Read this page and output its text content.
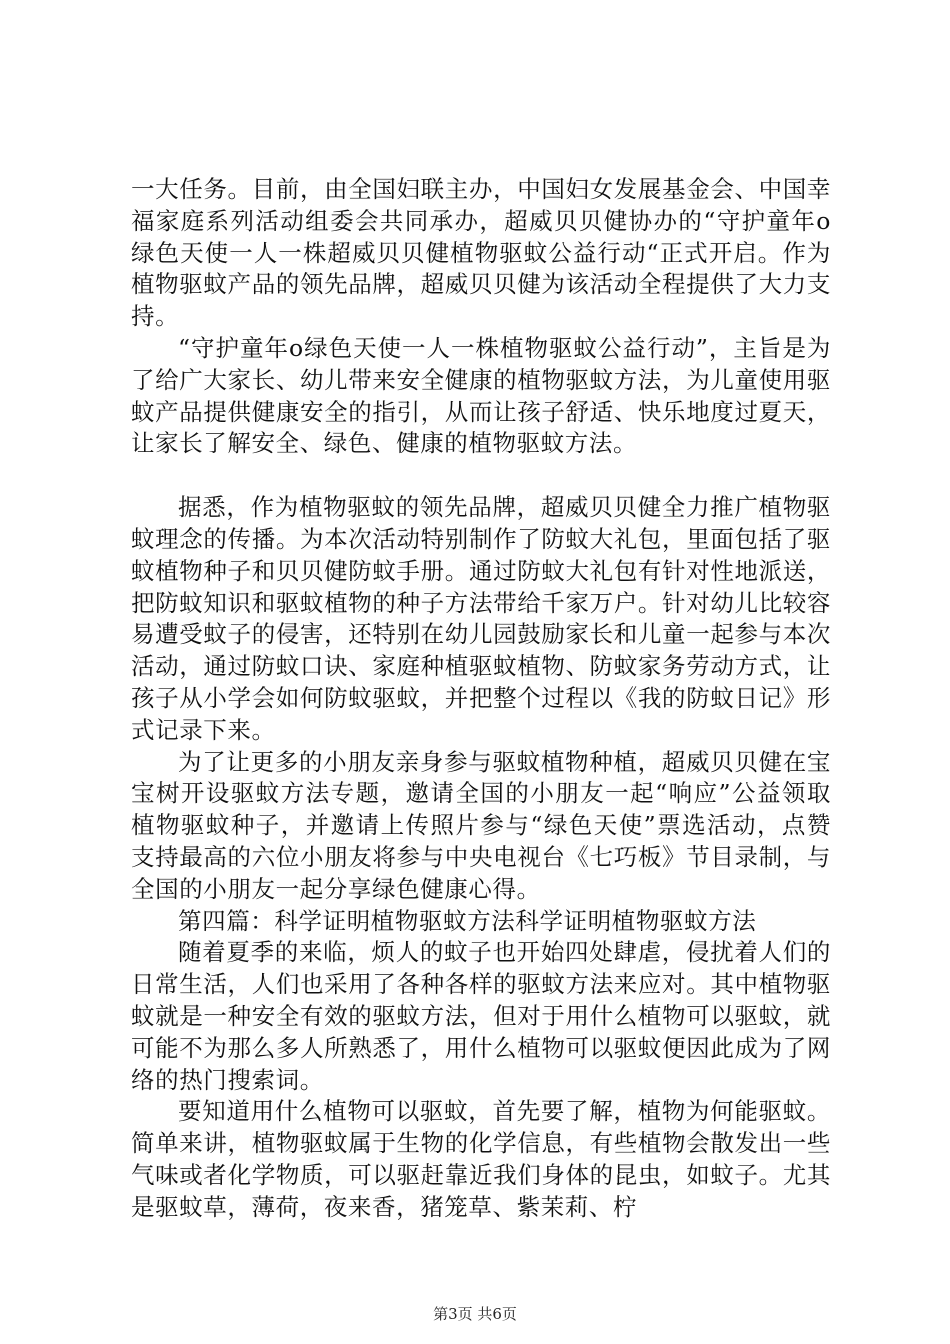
一大任务。目前，由全国妇联主办，中国妇女发展基金会、中国幸福家庭系列活动组委会共同承办，超威贝贝健协办的“守护童年o绿色天使一人一株超威贝贝健植物驱蚊公益行动“正式开启。作为植物驱蚊产品的领先品牌，超威贝贝健为该活动全程提供了大力支持。

“守护童年o绿色天使一人一株植物驱蚊公益行动”，主旨是为了给广大家长、幼儿带来安全健康的植物驱蚊方法，为儿童使用驱蚊产品提供健康安全的指引，从而让孩子舒适、快乐地度过夏天，让家长了解安全、绿色、健康的植物驱蚊方法。

据悉，作为植物驱蚊的领先品牌，超威贝贝健全力推广植物驱蚊理念的传播。为本次活动特别制作了防蚊大礼包，里面包括了驱蚊植物种子和贝贝健防蚊手册。通过防蚊大礼包有针对性地派送，把防蚊知识和驱蚊植物的种子方法带给千家万户。针对幼儿比较容易遭受蚊子的侵害，还特别在幼儿园鼓励家长和儿童一起参与本次活动，通过防蚊口诀、家庭种植驱蚊植物、防蚊家务劳动方式，让孩子从小学会如何防蚊驱蚊，并把整个过程以《我的防蚊日记》形式记录下来。

为了让更多的小朋友亲身参与驱蚊植物种植，超威贝贝健在宝宝树开设驱蚊方法专题，邀请全国的小朋友一起“响应”公益领取植物驱蚊种子，并邀请上传照片参与“绿色天使”票选活动，点赞支持最高的六位小朋友将参与中央电视台《七巧板》节目录制，与全国的小朋友一起分享绿色健康心得。

第四篇：科学证明植物驱蚊方法科学证明植物驱蚊方法

随着夏季的来临，烦人的蚊子也开始四处肆虐，侵扰着人们的日常生活，人们也采用了各种各样的驱蚊方法来应对。其中植物驱蚊就是一种安全有效的驱蚊方法，但对于用什么植物可以驱蚊，就可能不为那么多人所熟悉了，用什么植物可以驱蚊便因此成为了网络的热门搜索词。

要知道用什么植物可以驱蚊，首先要了解，植物为何能驱蚊。简单来讲，植物驱蚊属于生物的化学信息，有些植物会散发出一些气味或者化学物质，可以驱赶靠近我们身体的昆虫，如蚊子。尤其是驱蚊草，薄荷，夜来香，猪笼草、紫茉莉、柠

第3页 共6页
